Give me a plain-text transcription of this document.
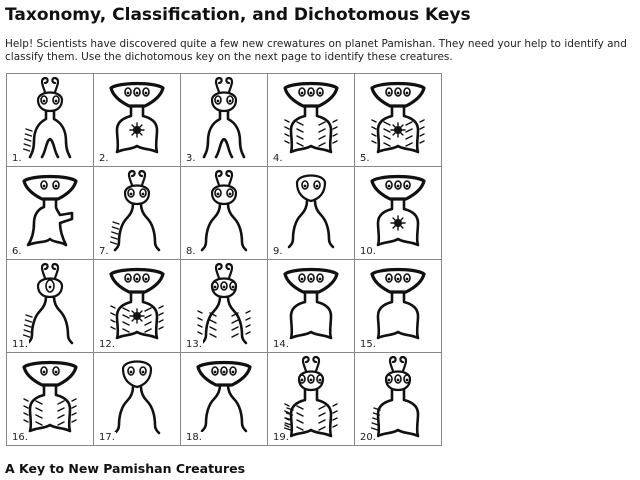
Taxonomy, Classification, and Dichotomous Keys

Help! Scientists have discovered quite a few new crewatures on planet Pamishan. They need your help to identify and classify them. Use the dichotomous key on the next page to identify these creatures.

1.	2.	3.	4.	5.

6.	7.	8.	9.	10.

11.	12.	13.	14.	15.

16.	17.	18.	19.	20.
A Key to New Pamishan Creatures
